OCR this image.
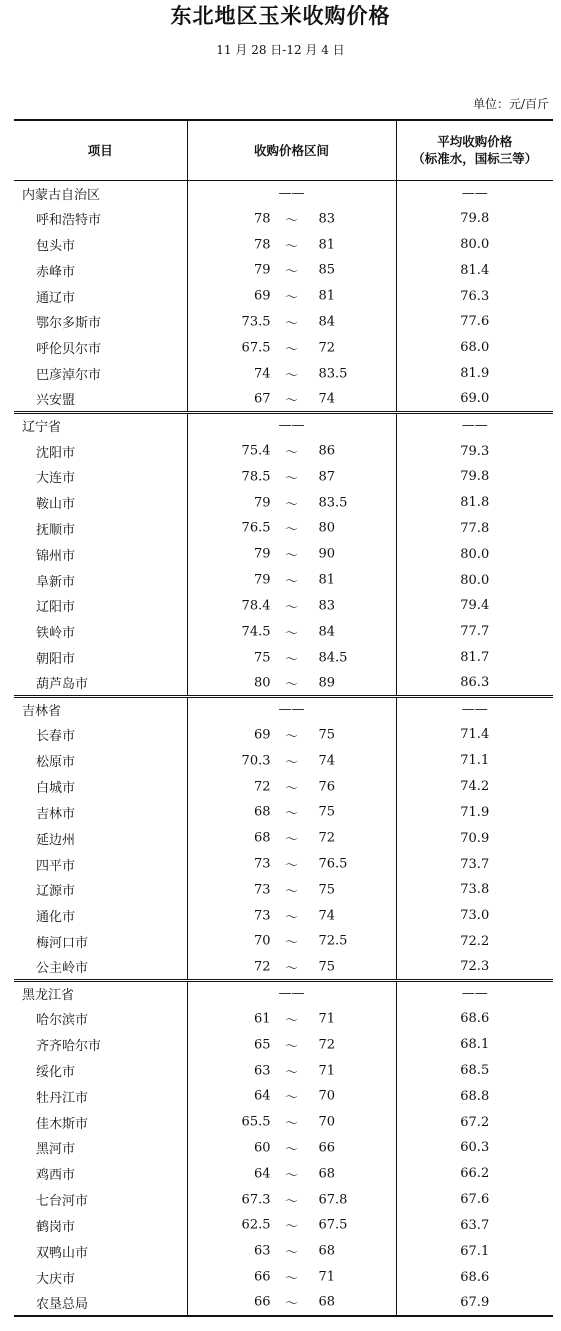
东北地区玉米收购价格
11 月 28 日-12 月 4 日
单位：元/百斤
项目	收购价格区间	平均收购价格
（标准水，国标三等）

内蒙古自治区	——	——
呼和浩特市	78 ～ 83	79.8
包头市	78 ～ 81	80.0
赤峰市	79 ～ 85	81.4
通辽市	69 ～ 81	76.3
鄂尔多斯市	73.5 ～ 84	77.6
呼伦贝尔市	67.5 ～ 72	68.0
巴彦淖尔市	74 ～ 83.5	81.9
兴安盟	67 ～ 74	69.0
辽宁省	——	——
沈阳市	75.4 ～ 86	79.3
大连市	78.5 ～ 87	79.8
鞍山市	79 ～ 83.5	81.8
抚顺市	76.5 ～ 80	77.8
锦州市	79 ～ 90	80.0
阜新市	79 ～ 81	80.0
辽阳市	78.4 ～ 83	79.4
铁岭市	74.5 ～ 84	77.7
朝阳市	75 ～ 84.5	81.7
葫芦岛市	80 ～ 89	86.3
吉林省	——	——
长春市	69 ～ 75	71.4
松原市	70.3 ～ 74	71.1
白城市	72 ～ 76	74.2
吉林市	68 ～ 75	71.9
延边州	68 ～ 72	70.9
四平市	73 ～ 76.5	73.7
辽源市	73 ～ 75	73.8
通化市	73 ～ 74	73.0
梅河口市	70 ～ 72.5	72.2
公主岭市	72 ～ 75	72.3
黑龙江省	——	——
哈尔滨市	61 ～ 71	68.6
齐齐哈尔市	65 ～ 72	68.1
绥化市	63 ～ 71	68.5
牡丹江市	64 ～ 70	68.8
佳木斯市	65.5 ～ 70	67.2
黑河市	60 ～ 66	60.3
鸡西市	64 ～ 68	66.2
七台河市	67.3 ～ 67.8	67.6
鹤岗市	62.5 ～ 67.5	63.7
双鸭山市	63 ～ 68	67.1
大庆市	66 ～ 71	68.6
农垦总局	66 ～ 68	67.9
